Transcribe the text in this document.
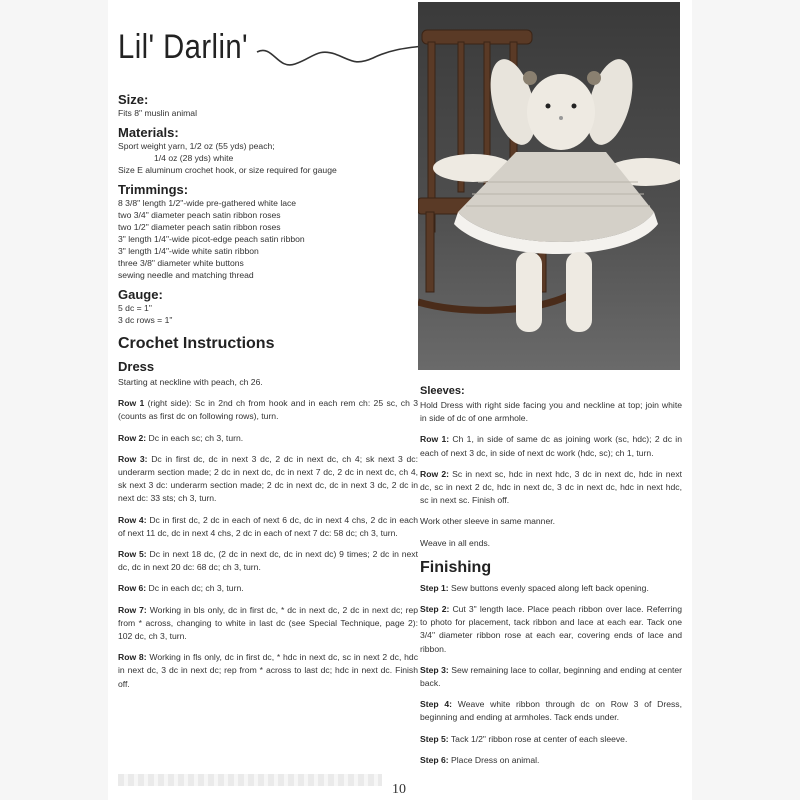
Lil' Darlin'

Size:

Fits 8" muslin animal

Materials:

Sport weight yarn, 1/2 oz (55 yds) peach;

1/4 oz (28 yds) white

Size E aluminum crochet hook, or size required for gauge

Trimmings:

8 3/8" length 1/2"-wide pre-gathered white lace

two 3/4" diameter peach satin ribbon roses

two 1/2" diameter peach satin ribbon roses

3" length 1/4"-wide picot-edge peach satin ribbon

3" length 1/4"-wide white satin ribbon

three 3/8" diameter white buttons

sewing needle and matching thread

Gauge:

5 dc = 1"

3 dc rows = 1"

Crochet Instructions

Dress

Starting at neckline with peach, ch 26.

Row 1 (right side): Sc in 2nd ch from hook and in each rem ch: 25 sc, ch 3 (counts as first dc on following rows), turn.

Row 2: Dc in each sc; ch 3, turn.

Row 3: Dc in first dc, dc in next 3 dc, 2 dc in next dc, ch 4; sk next 3 dc: underarm section made; 2 dc in next dc, dc in next 7 dc, 2 dc in next dc, ch 4, sk next 3 dc: underarm section made; 2 dc in next dc, dc in next 3 dc, 2 dc in next dc: 33 sts; ch 3, turn.

Row 4: Dc in first dc, 2 dc in each of next 6 dc, dc in next 4 chs, 2 dc in each of next 11 dc, dc in next 4 chs, 2 dc in each of next 7 dc: 58 dc; ch 3, turn.

Row 5: Dc in next 18 dc, (2 dc in next dc, dc in next dc) 9 times; 2 dc in next dc, dc in next 20 dc: 68 dc; ch 3, turn.

Row 6: Dc in each dc; ch 3, turn.

Row 7: Working in bls only, dc in first dc, * dc in next dc, 2 dc in next dc; rep from * across, changing to white in last dc (see Special Technique, page 2): 102 dc, ch 3, turn.

Row 8: Working in fls only, dc in first dc, * hdc in next dc, sc in next 2 dc, hdc in next dc, 3 dc in next dc; rep from * across to last dc; hdc in next dc. Finish off.

Sleeves:

Hold Dress with right side facing you and neckline at top; join white in side of dc of one armhole.

Row 1: Ch 1, in side of same dc as joining work (sc, hdc); 2 dc in each of next 3 dc, in side of next dc work (hdc, sc); ch 1, turn.

Row 2: Sc in next sc, hdc in next hdc, 3 dc in next dc, hdc in next dc, sc in next 2 dc, hdc in next dc, 3 dc in next dc, hdc in next hdc, sc in next sc. Finish off.

Work other sleeve in same manner.

Weave in all ends.

Finishing

Step 1: Sew buttons evenly spaced along left back opening.

Step 2: Cut 3" length lace. Place peach ribbon over lace. Referring to photo for placement, tack ribbon and lace at each ear. Tack one 3/4" diameter ribbon rose at each ear, covering ends of lace and ribbon.

Step 3: Sew remaining lace to collar, beginning and ending at center back.

Step 4: Weave white ribbon through dc on Row 3 of Dress, beginning and ending at armholes. Tack ends under.

Step 5: Tack 1/2" ribbon rose at center of each sleeve.

Step 6: Place Dress on animal.

10
